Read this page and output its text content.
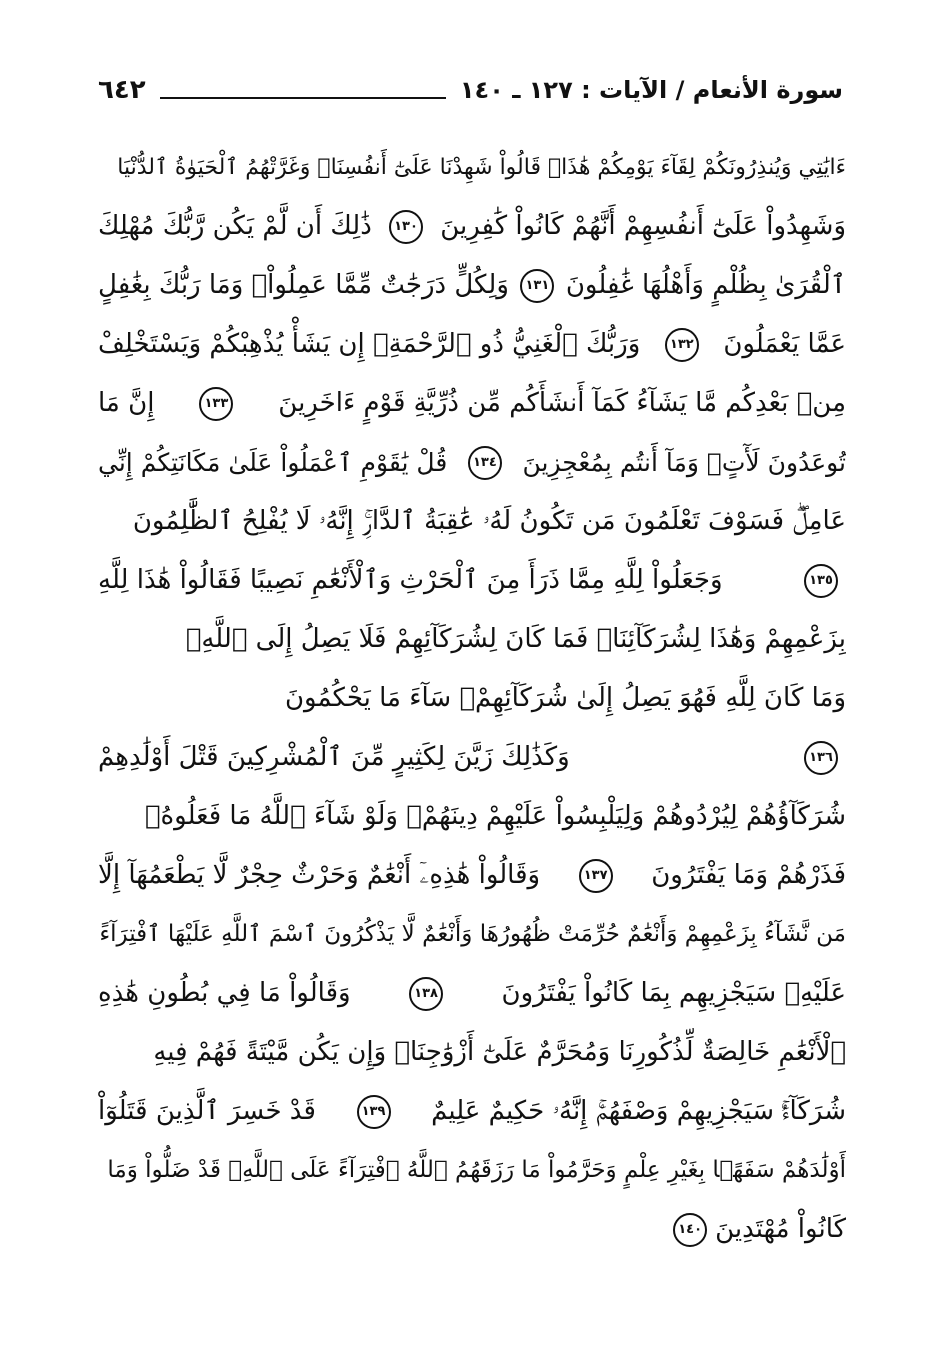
سورة الأنعام / الآيات : ١٢٧ ـ ١٤٠
٦٤٢
ءَايَٰتِي وَيُنذِرُونَكُمْ لِقَآءَ يَوْمِكُمْ هَٰذَاۚ قَالُواْ شَهِدْنَا عَلَىٰٓ أَنفُسِنَاۖ وَغَرَّتْهُمُ ٱلْحَيَوٰةُ ٱلدُّنْيَا
وَشَهِدُواْ عَلَىٰٓ أَنفُسِهِمْ أَنَّهُمْ كَانُواْ كَٰفِرِينَ
١٣٠
ذَٰلِكَ أَن لَّمْ يَكُن رَّبُّكَ مُهْلِكَ
ٱلْقُرَىٰ بِظُلْمٍ وَأَهْلُهَا غَٰفِلُونَ
١٣١
وَلِكُلٍّ دَرَجَٰتٌ مِّمَّا عَمِلُواْۚ وَمَا رَبُّكَ بِغَٰفِلٍ
عَمَّا يَعْمَلُونَ
١٣٢
وَرَبُّكَ ٱلْغَنِيُّ ذُو ٱلرَّحْمَةِۚ إِن يَشَأْ يُذْهِبْكُمْ وَيَسْتَخْلِفْ
مِنۢ بَعْدِكُم مَّا يَشَآءُ كَمَآ أَنشَأَكُم مِّن ذُرِّيَّةِ قَوْمٍ ءَاخَرِينَ
١٣٣
إِنَّ مَا
تُوعَدُونَ لَأٓتٍۖ وَمَآ أَنتُم بِمُعْجِزِينَ
١٣٤
قُلْ يَٰقَوْمِ ٱعْمَلُواْ عَلَىٰ مَكَانَتِكُمْ إِنِّي
عَامِلٌۖ فَسَوْفَ تَعْلَمُونَ مَن تَكُونُ لَهُۥ عَٰقِبَةُ ٱلدَّارِۚ إِنَّهُۥ لَا يُفْلِحُ ٱلظَّٰلِمُونَ
١٣٥
وَجَعَلُواْ لِلَّهِ مِمَّا ذَرَأَ مِنَ ٱلْحَرْثِ وَٱلْأَنْعَٰمِ نَصِيبًا فَقَالُواْ هَٰذَا لِلَّهِ
بِزَعْمِهِمْ وَهَٰذَا لِشُرَكَآئِنَاۖ فَمَا كَانَ لِشُرَكَآئِهِمْ فَلَا يَصِلُ إِلَى ٱللَّهِۖ
وَمَا كَانَ لِلَّهِ فَهُوَ يَصِلُ إِلَىٰ شُرَكَآئِهِمْۗ سَآءَ مَا يَحْكُمُونَ
١٣٦
وَكَذَٰلِكَ زَيَّنَ لِكَثِيرٍ مِّنَ ٱلْمُشْرِكِينَ قَتْلَ أَوْلَٰدِهِمْ
شُرَكَآؤُهُمْ لِيُرْدُوهُمْ وَلِيَلْبِسُواْ عَلَيْهِمْ دِينَهُمْۖ وَلَوْ شَآءَ ٱللَّهُ مَا فَعَلُوهُۖ
فَذَرْهُمْ وَمَا يَفْتَرُونَ
١٣٧
وَقَالُواْ هَٰذِهِۦٓ أَنْعَٰمٌ وَحَرْثٌ حِجْرٌ لَّا يَطْعَمُهَآ إِلَّا
مَن نَّشَآءُ بِزَعْمِهِمْ وَأَنْعَٰمٌ حُرِّمَتْ ظُهُورُهَا وَأَنْعَٰمٌ لَّا يَذْكُرُونَ ٱسْمَ ٱللَّهِ عَلَيْهَا ٱفْتِرَآءً
عَلَيْهِۚ سَيَجْزِيهِم بِمَا كَانُواْ يَفْتَرُونَ
١٣٨
وَقَالُواْ مَا فِي بُطُونِ هَٰذِهِ
ٱلْأَنْعَٰمِ خَالِصَةٌ لِّذُكُورِنَا وَمُحَرَّمٌ عَلَىٰٓ أَزْوَٰجِنَاۖ وَإِن يَكُن مَّيْتَةً فَهُمْ فِيهِ
شُرَكَآءُۚ سَيَجْزِيهِمْ وَصْفَهُمْۚ إِنَّهُۥ حَكِيمٌ عَلِيمٌ
١٣٩
قَدْ خَسِرَ ٱلَّذِينَ قَتَلُوٓاْ
أَوْلَٰدَهُمْ سَفَهًۢا بِغَيْرِ عِلْمٍ وَحَرَّمُواْ مَا رَزَقَهُمُ ٱللَّهُ ٱفْتِرَآءً عَلَى ٱللَّهِۚ قَدْ ضَلُّواْ وَمَا
كَانُواْ مُهْتَدِينَ
١٤٠
